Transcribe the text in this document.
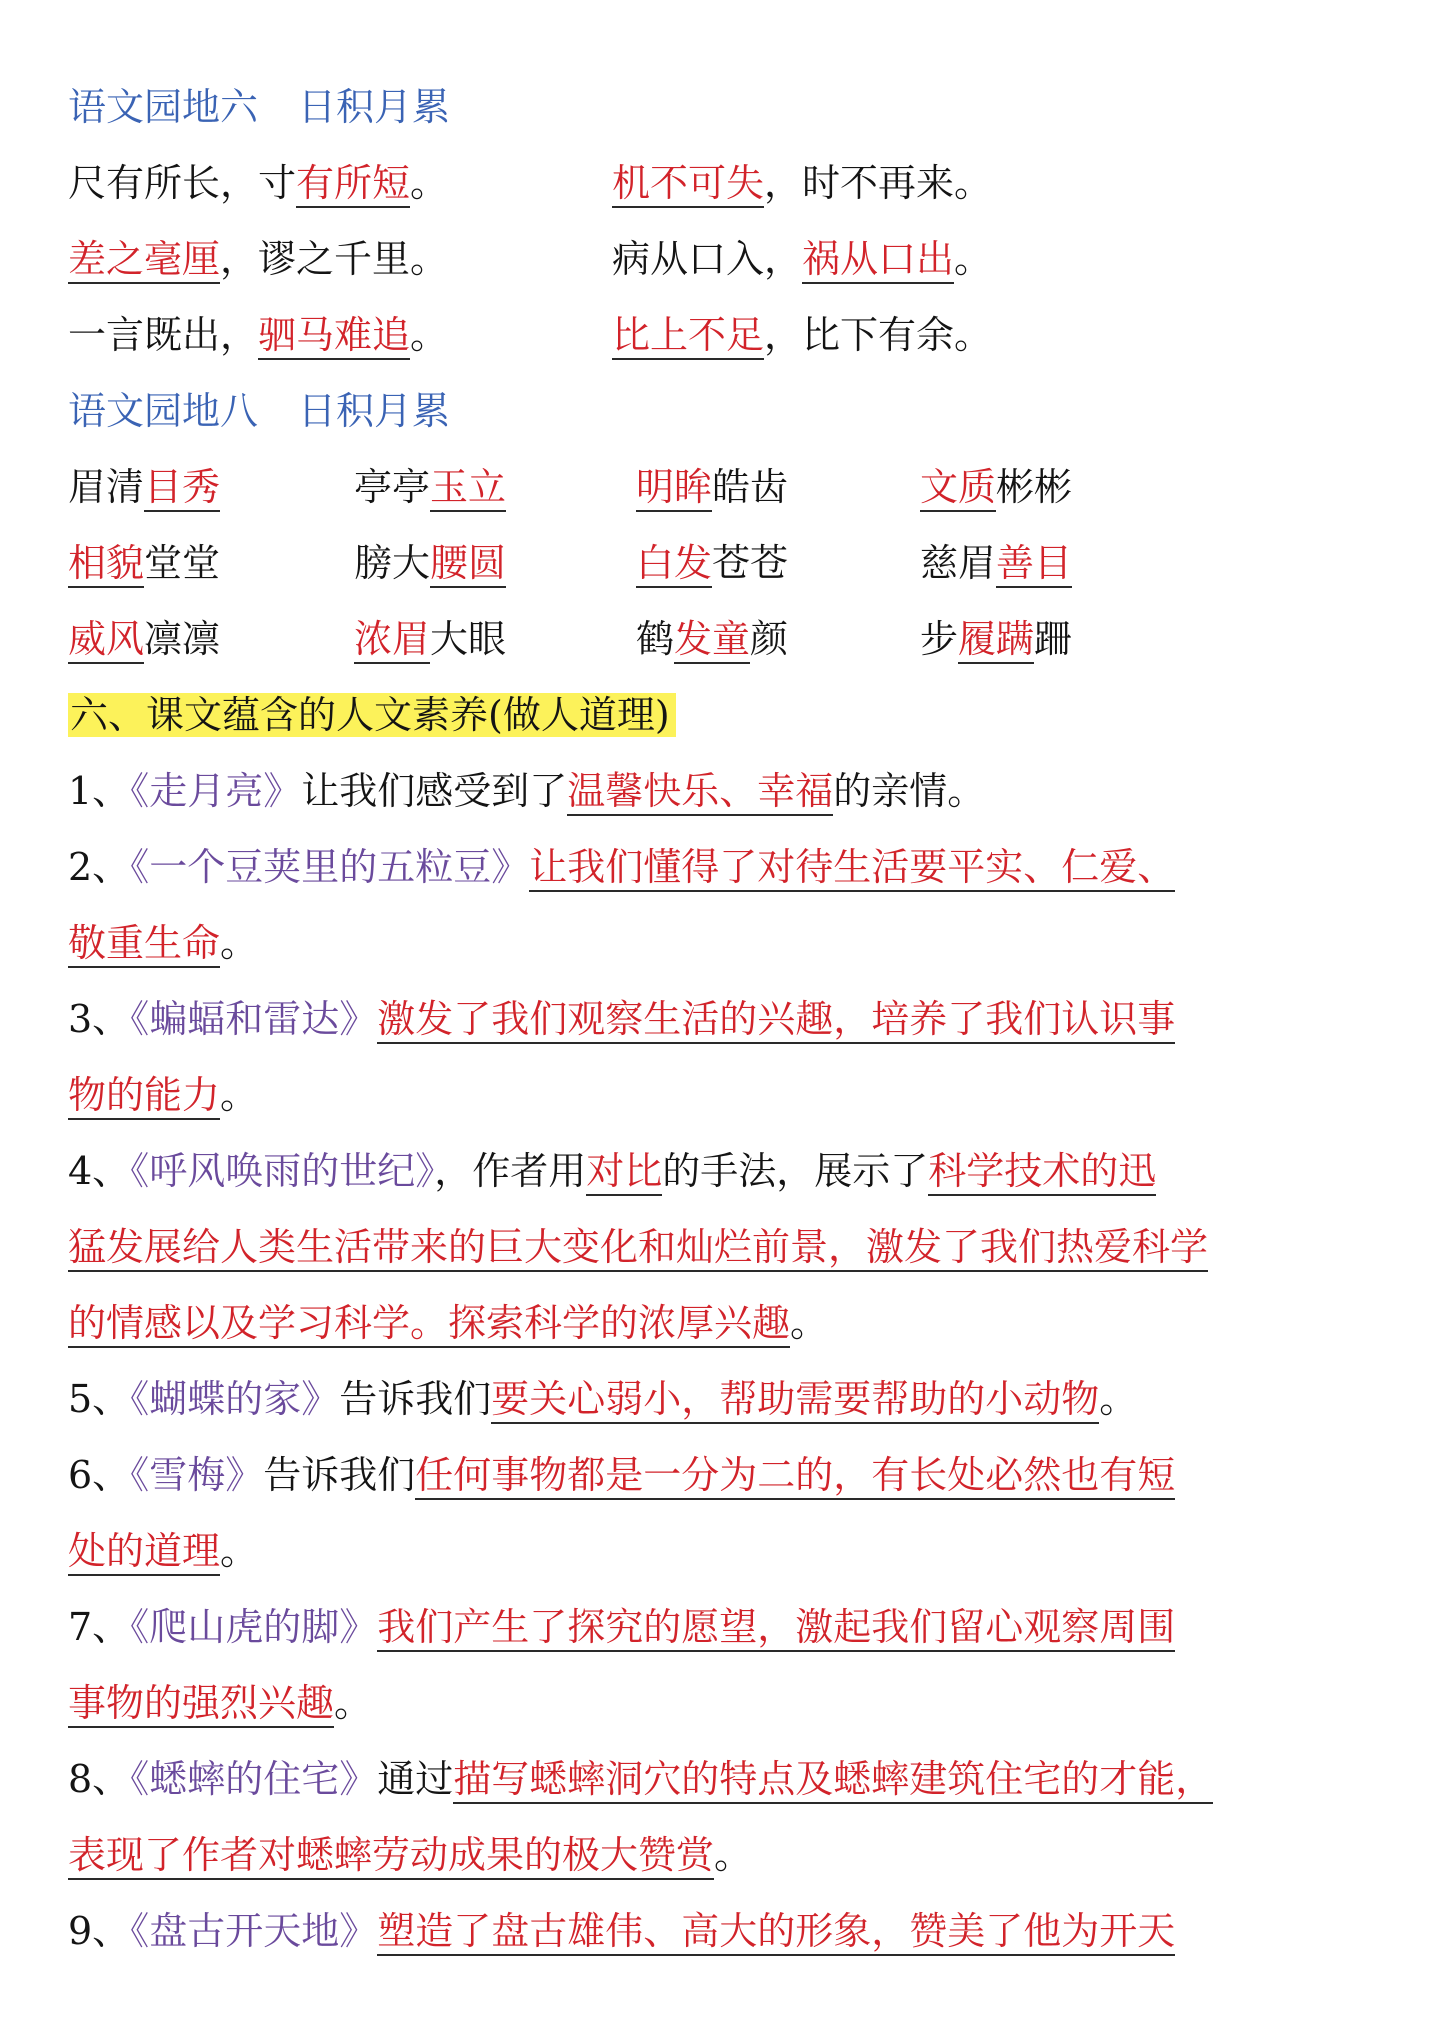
语文园地六 日积月累
尺有所长，寸有所短。	机不可失，时不再来。
差之毫厘，谬之千里。	病从口入，祸从口出。
一言既出，驷马难追。	比上不足，比下有余。
语文园地八 日积月累
眉清目秀	亭亭玉立	明眸皓齿	文质彬彬
相貌堂堂	膀大腰圆	白发苍苍	慈眉善目
威风凛凛	浓眉大眼	鹤发童颜	步履蹒跚
六、课文蕴含的人文素养(做人道理)
1、《走月亮》让我们感受到了温馨快乐、幸福的亲情。
2、《一个豆荚里的五粒豆》让我们懂得了对待生活要平实、仁爱、
敬重生命。
3、《蝙蝠和雷达》激发了我们观察生活的兴趣，培养了我们认识事
物的能力。
4、《呼风唤雨的世纪》，作者用对比的手法，展示了科学技术的迅
猛发展给人类生活带来的巨大变化和灿烂前景，激发了我们热爱科学
的情感以及学习科学。探索科学的浓厚兴趣。
5、《蝴蝶的家》告诉我们要关心弱小，帮助需要帮助的小动物。
6、《雪梅》告诉我们任何事物都是一分为二的，有长处必然也有短
处的道理。
7、《爬山虎的脚》我们产生了探究的愿望，激起我们留心观察周围
事物的强烈兴趣。
8、《蟋蟀的住宅》通过描写蟋蟀洞穴的特点及蟋蟀建筑住宅的才能，
表现了作者对蟋蟀劳动成果的极大赞赏。
9、《盘古开天地》塑造了盘古雄伟、高大的形象，赞美了他为开天
